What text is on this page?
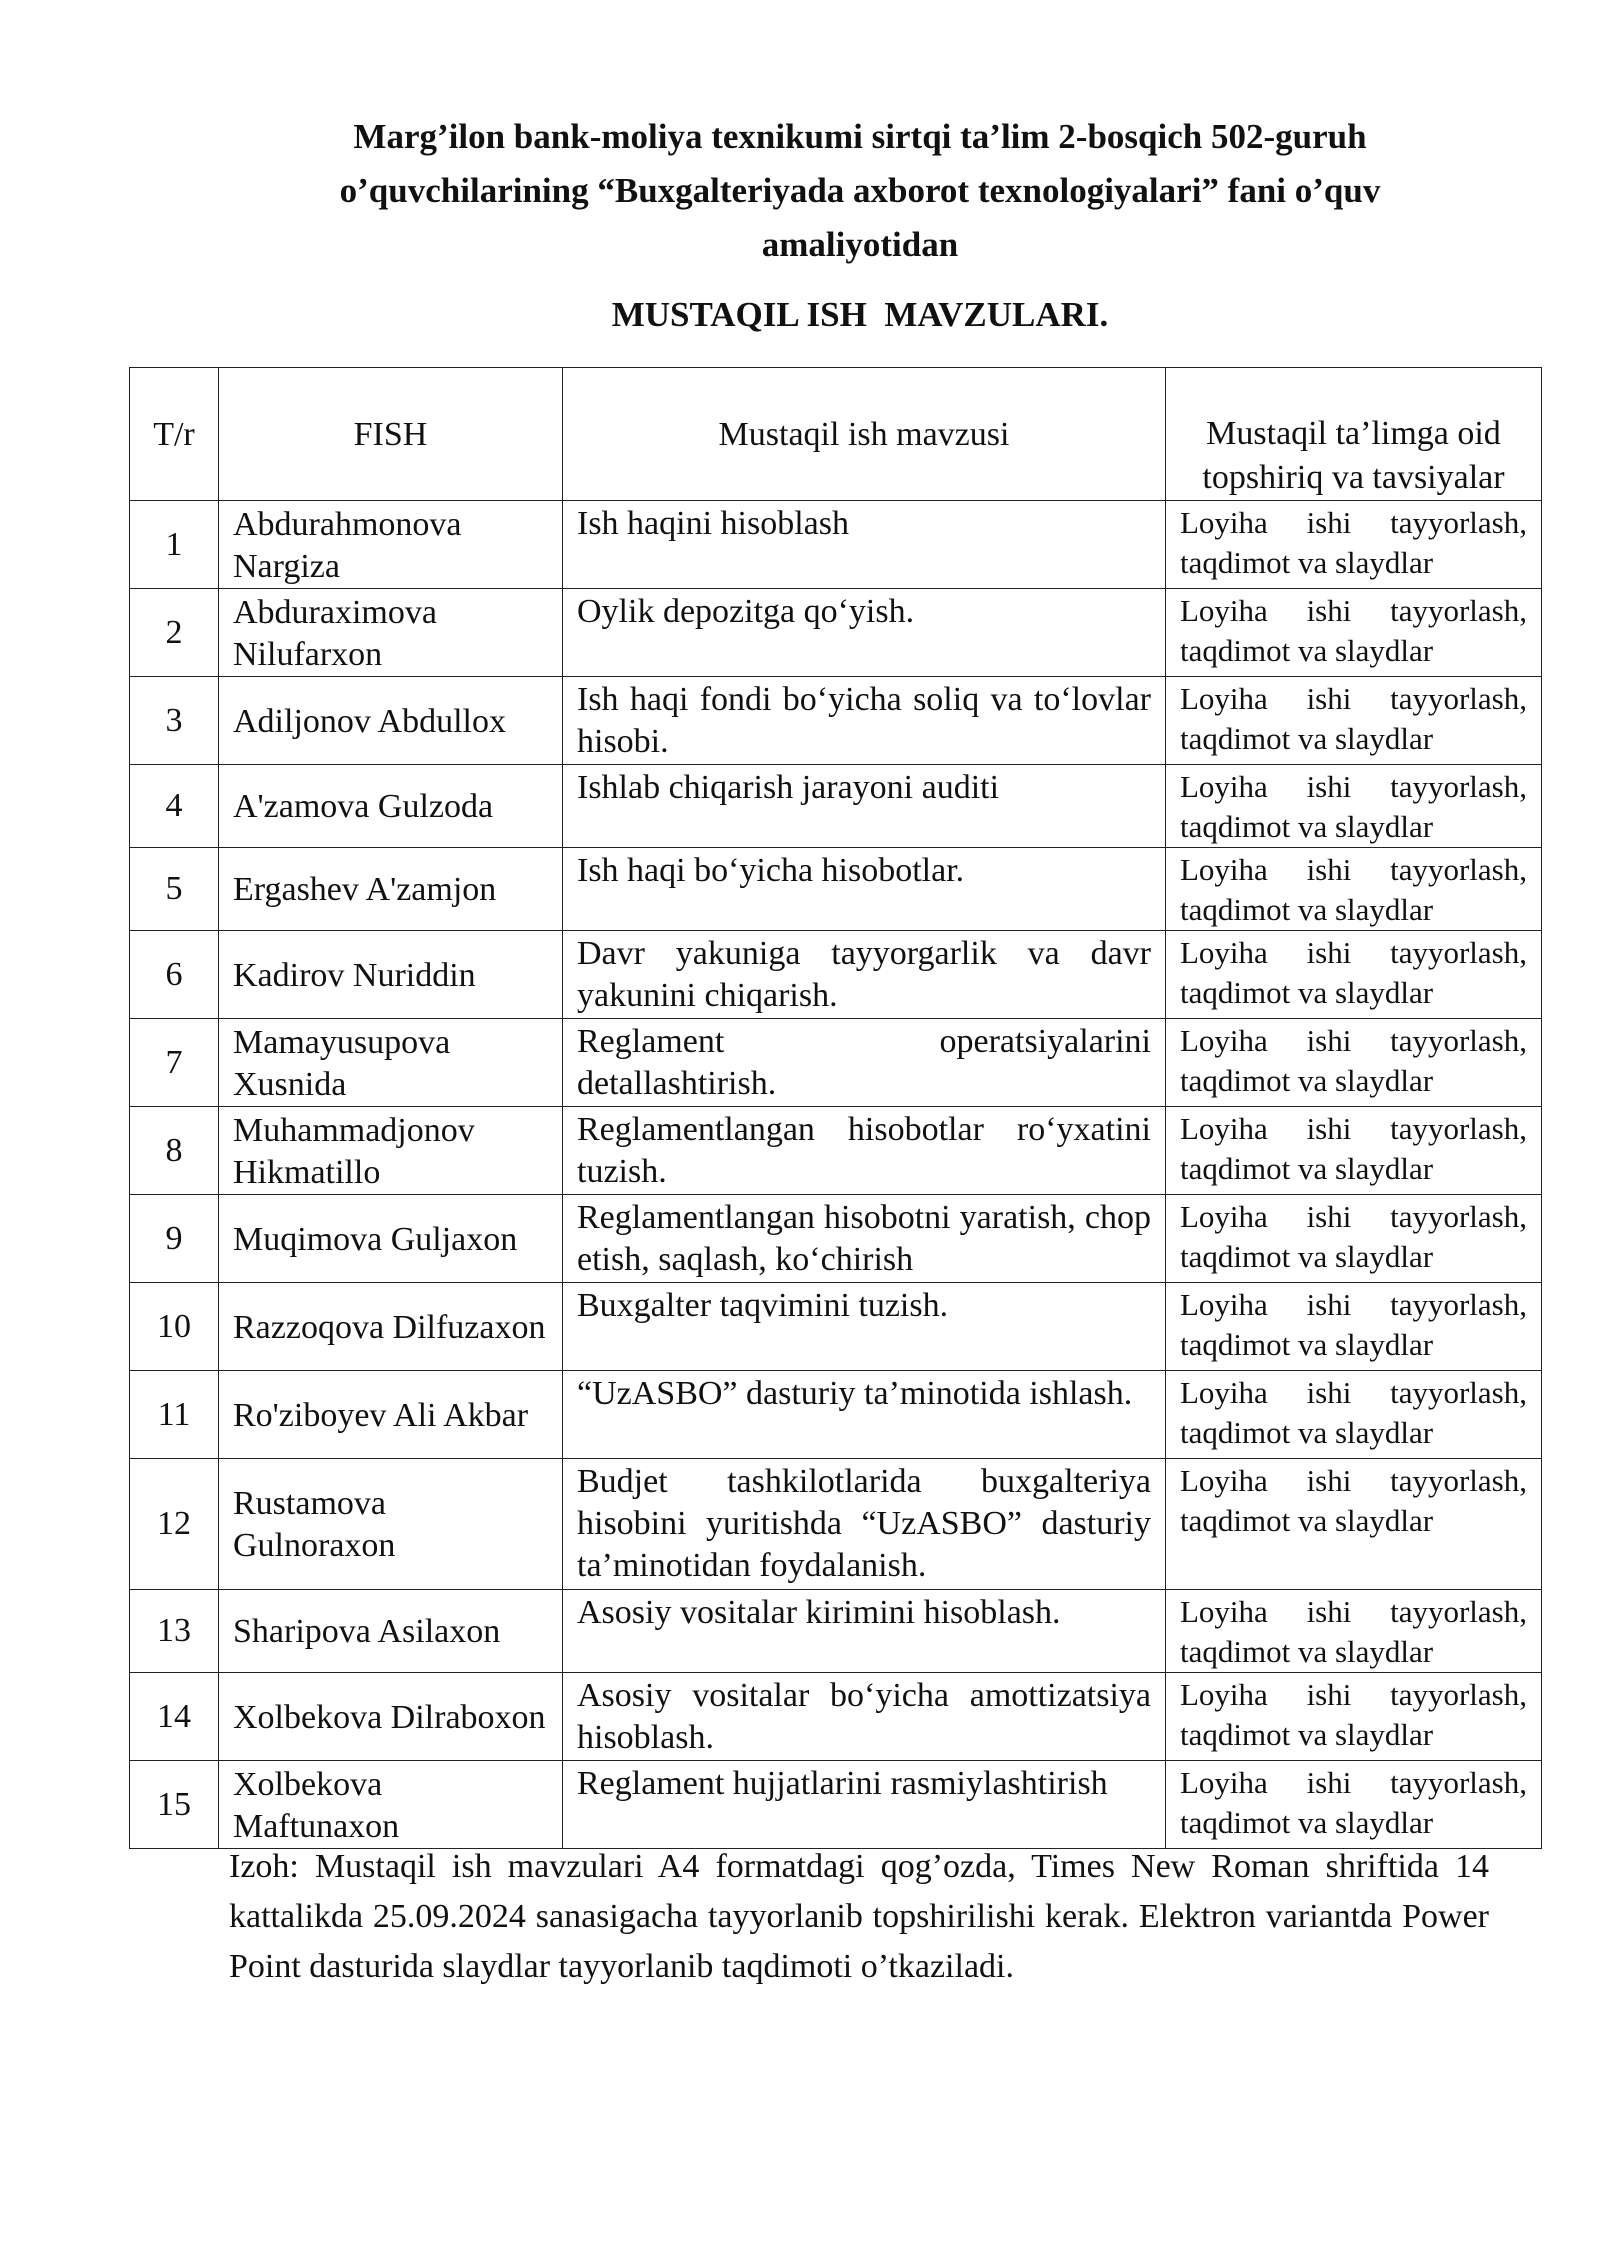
Marg’ilon bank-moliya texnikumi sirtqi ta’lim 2-bosqich 502-guruh
o’quvchilarining “Buxgalteriyada axborot texnologiyalari” fani o’quv
amaliyotidan
MUSTAQIL ISH  MAVZULARI.
T/r	FISH	Mustaqil ish mavzusi	Mustaqil ta’limga oid topshiriq va tavsiyalar
1	Abdurahmonova Nargiza	Ish haqini hisoblash	Loyiha ishi tayyorlash, taqdimot va slaydlar
2	Abduraximova Nilufarxon	Oylik depozitga qo‘yish.	Loyiha ishi tayyorlash, taqdimot va slaydlar
3	Adiljonov Abdullox	Ish haqi fondi bo‘yicha soliq va to‘lovlar hisobi.	Loyiha ishi tayyorlash, taqdimot va slaydlar
4	A'zamova Gulzoda	Ishlab chiqarish jarayoni auditi	Loyiha ishi tayyorlash, taqdimot va slaydlar
5	Ergashev A'zamjon	Ish haqi bo‘yicha hisobotlar.	Loyiha ishi tayyorlash, taqdimot va slaydlar
6	Kadirov Nuriddin	Davr yakuniga tayyorgarlik va davr yakunini chiqarish.	Loyiha ishi tayyorlash, taqdimot va slaydlar
7	Mamayusupova Xusnida	Reglament operatsiyalarini detallashtirish.	Loyiha ishi tayyorlash, taqdimot va slaydlar
8	Muhammadjonov Hikmatillo	Reglamentlangan hisobotlar ro‘yxatini tuzish.	Loyiha ishi tayyorlash, taqdimot va slaydlar
9	Muqimova Guljaxon	Reglamentlangan hisobotni yaratish, chop etish, saqlash, ko‘chirish	Loyiha ishi tayyorlash, taqdimot va slaydlar
10	Razzoqova Dilfuzaxon	Buxgalter taqvimini tuzish.	Loyiha ishi tayyorlash, taqdimot va slaydlar
11	Ro'ziboyev Ali Akbar	“UzASBO” dasturiy ta’minotida ishlash.	Loyiha ishi tayyorlash, taqdimot va slaydlar
12	Rustamova Gulnoraxon	Budjet tashkilotlarida buxgalteriya hisobini yuritishda “UzASBO” dasturiy ta’minotidan foydalanish.	Loyiha ishi tayyorlash, taqdimot va slaydlar
13	Sharipova Asilaxon	Asosiy vositalar kirimini hisoblash.	Loyiha ishi tayyorlash, taqdimot va slaydlar
14	Xolbekova Dilraboxon	Asosiy vositalar bo‘yicha amottizatsiya hisoblash.	Loyiha ishi tayyorlash, taqdimot va slaydlar
15	Xolbekova Maftunaxon	Reglament hujjatlarini rasmiylashtirish	Loyiha ishi tayyorlash, taqdimot va slaydlar
Izoh: Mustaqil ish mavzulari A4 formatdagi qog’ozda, Times New Roman shriftida 14 kattalikda 25.09.2024 sanasigacha tayyorlanib topshirilishi kerak. Elektron variantda Power Point dasturida slaydlar tayyorlanib taqdimoti o’tkaziladi.
